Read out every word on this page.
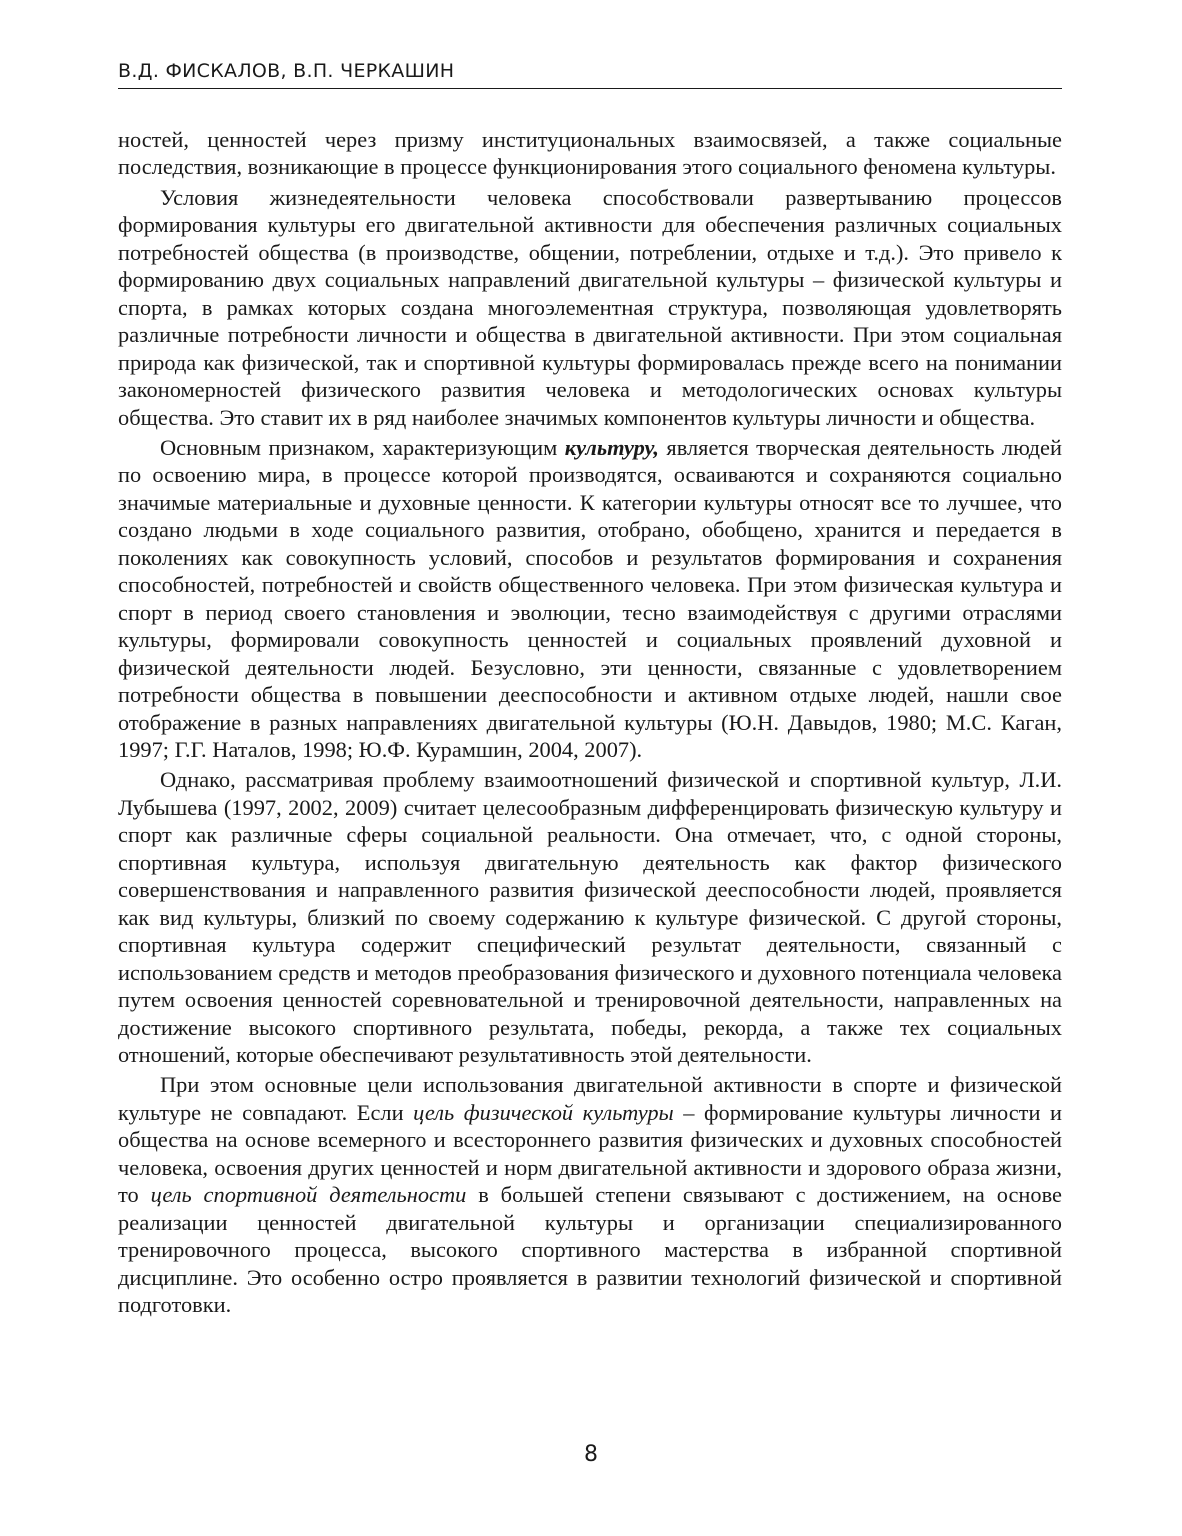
В.Д. ФИСКАЛОВ, В.П. ЧЕРКАШИН

ностей, ценностей через призму институциональных взаимосвязей, а также социальные последствия, возникающие в процессе функционирования этого социального феномена культуры.

Условия жизнедеятельности человека способствовали развертыванию процессов формирования культуры его двигательной активности для обеспечения различных социальных потребностей общества (в производстве, общении, потреблении, отдыхе и т.д.). Это привело к формированию двух социальных направлений двигательной культуры – физической культуры и спорта, в рамках которых создана многоэлементная структура, позволяющая удовлетворять различные потребности личности и общества в двигательной активности. При этом социальная природа как физической, так и спортивной культуры формировалась прежде всего на понимании закономерностей физического развития человека и методологических основах культуры общества. Это ставит их в ряд наиболее значимых компонентов культуры личности и общества.

Основным признаком, характеризующим культуру, является творческая деятельность людей по освоению мира, в процессе которой производятся, осваиваются и сохраняются социально значимые материальные и духовные ценности. К категории культуры относят все то лучшее, что создано людьми в ходе социального развития, отобрано, обобщено, хранится и передается в поколениях как совокупность условий, способов и результатов формирования и сохранения способностей, потребностей и свойств общественного человека. При этом физическая культура и спорт в период своего становления и эволюции, тесно взаимодействуя с другими отраслями культуры, формировали совокупность ценностей и социальных проявлений духовной и физической деятельности людей. Безусловно, эти ценности, связанные с удовлетворением потребности общества в повышении дееспособности и активном отдыхе людей, нашли свое отображение в разных направлениях двигательной культуры (Ю.Н. Давыдов, 1980; М.С. Каган, 1997; Г.Г. Наталов, 1998; Ю.Ф. Курамшин, 2004, 2007).

Однако, рассматривая проблему взаимоотношений физической и спортивной культур, Л.И. Лубышева (1997, 2002, 2009) считает целесообразным дифференцировать физическую культуру и спорт как различные сферы социальной реальности. Она отмечает, что, с одной стороны, спортивная культура, используя двигательную деятельность как фактор физического совершенствования и направленного развития физической дееспособности людей, проявляется как вид культуры, близкий по своему содержанию к культуре физической. С другой стороны, спортивная культура содержит специфический результат деятельности, связанный с использованием средств и методов преобразования физического и духовного потенциала человека путем освоения ценностей соревновательной и тренировочной деятельности, направленных на достижение высокого спортивного результата, победы, рекорда, а также тех социальных отношений, которые обеспечивают результативность этой деятельности.

При этом основные цели использования двигательной активности в спорте и физической культуре не совпадают. Если цель физической культуры – формирование культуры личности и общества на основе всемерного и всестороннего развития физических и духовных способностей человека, освоения других ценностей и норм двигательной активности и здорового образа жизни, то цель спортивной деятельности в большей степени связывают с достижением, на основе реализации ценностей двигательной культуры и организации специализированного тренировочного процесса, высокого спортивного мастерства в избранной спортивной дисциплине. Это особенно остро проявляется в развитии технологий физической и спортивной подготовки.

8
